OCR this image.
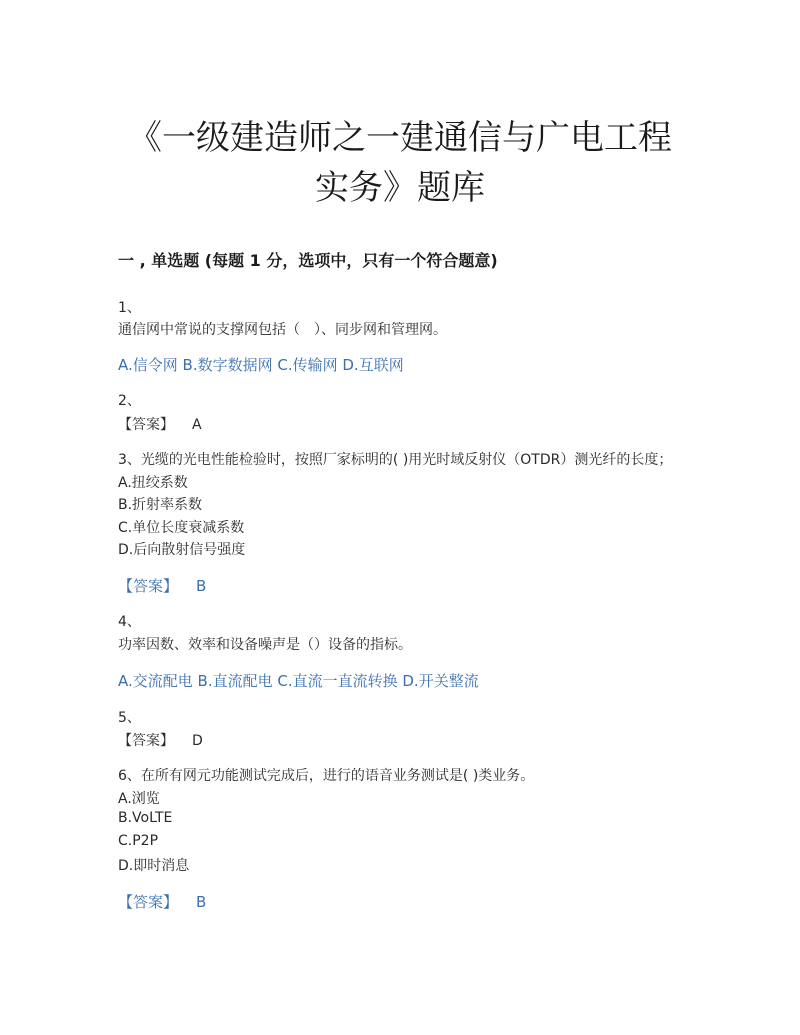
《一级建造师之一建通信与广电工程
实务》题库
一 , 单选题 (每题 1 分，选项中，只有一个符合题意)
1、
通信网中常说的支撑网包括（　）、同步网和管理网。
A.信令网 B.数字数据网 C.传输网 D.互联网
2、
【答案】 A
3、光缆的光电性能检验时，按照厂家标明的( )用光时域反射仪（OTDR）测光纤的长度；
A.扭绞系数
B.折射率系数
C.单位长度衰减系数
D.后向散射信号强度
【答案】 B
4、
功率因数、效率和设备噪声是（）设备的指标。
A.交流配电 B.直流配电 C.直流一直流转换 D.开关整流
5、
【答案】 D
6、在所有网元功能测试完成后，进行的语音业务测试是( )类业务。
A.浏览
B.VoLTE
C.P2P
D.即时消息
【答案】 B
